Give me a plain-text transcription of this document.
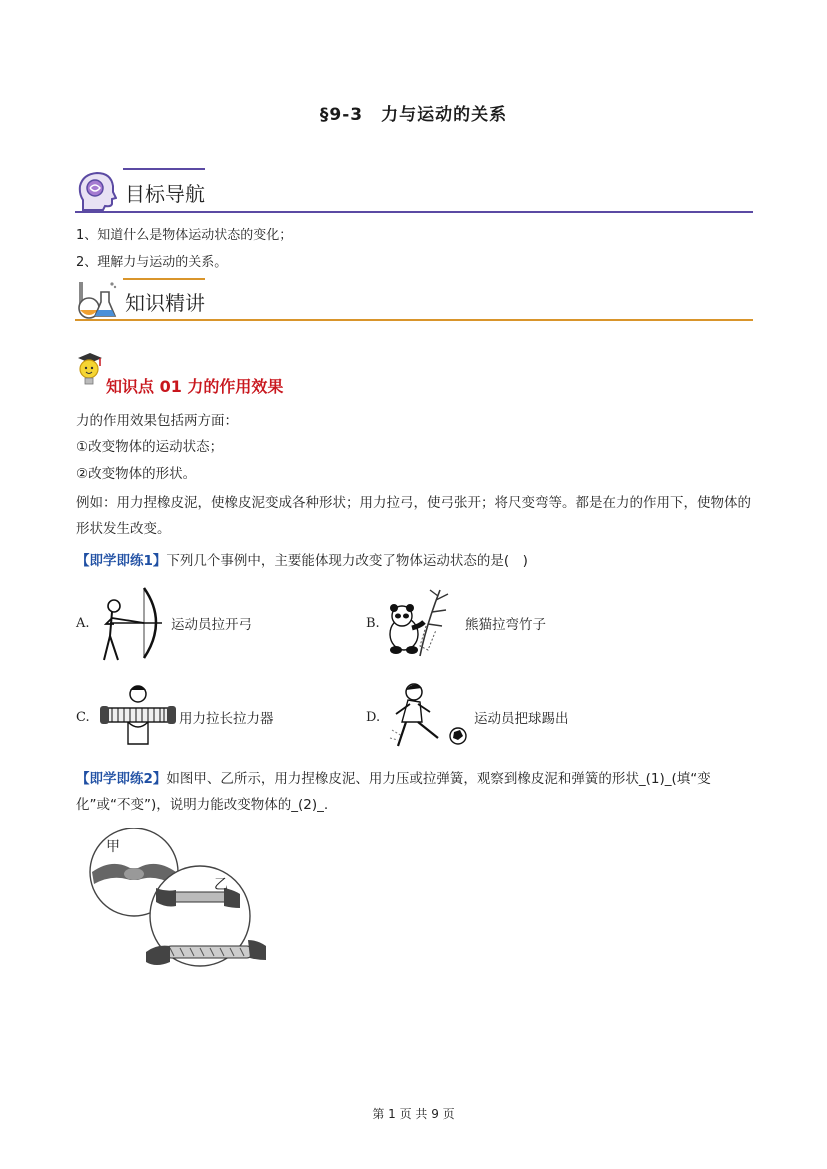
§9-3　力与运动的关系
目标导航
1、知道什么是物体运动状态的变化；
2、理解力与运动的关系。
知识精讲
知识点 01 力的作用效果
力的作用效果包括两方面：
①改变物体的运动状态；
②改变物体的形状。
例如：用力捏橡皮泥，使橡皮泥变成各种形状；用力拉弓，使弓张开；将尺变弯等。都是在力的作用下，使物体的形状发生改变。
【即学即练1】下列几个事例中，主要能体现力改变了物体运动状态的是(　)
A.	运动员拉开弓	B.	熊猫拉弯竹子
C.	用力拉长拉力器	D.	运动员把球踢出
【即学即练2】如图甲、乙所示，用力捏橡皮泥、用力压或拉弹簧，观察到橡皮泥和弹簧的形状_(1)_(填“变化”或“不变”)，说明力能改变物体的_(2)_.
甲
乙
第 1 页 共 9 页
